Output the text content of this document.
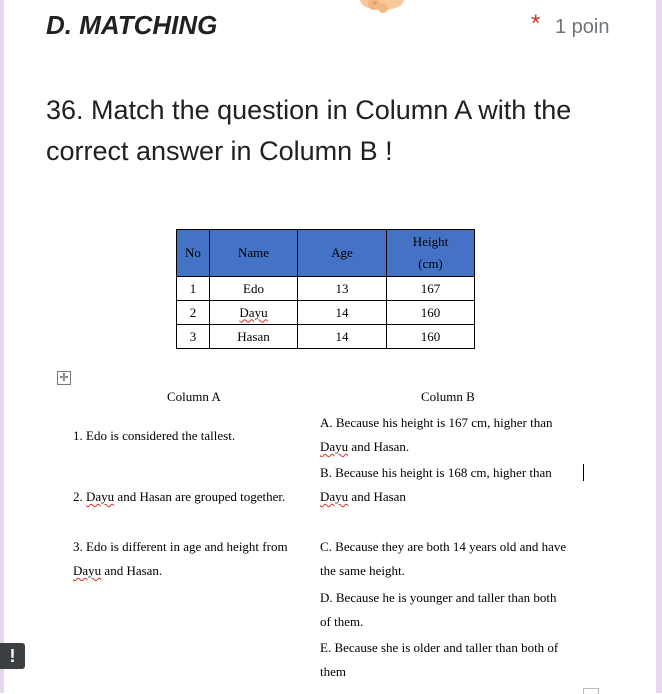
D. MATCHING	* 1 poin

36. Match the question in Column A with the correct answer in Column B !

No	Name	Age	Height
(cm)
1	Edo	13	167
2	Dayu	14	160
3	Hasan	14	160
✛
Column A	Column B
1. Edo is considered the tallest.
2. Dayu and Hasan are grouped together.
3. Edo is different in age and height from
Dayu and Hasan.
A. Because his height is 167 cm, higher than
Dayu and Hasan.
B. Because his height is 168 cm, higher than
Dayu and Hasan
C. Because they are both 14 years old and have
the same height.
D. Because he is younger and taller than both
of them.
E. Because she is older and taller than both of
them
!
